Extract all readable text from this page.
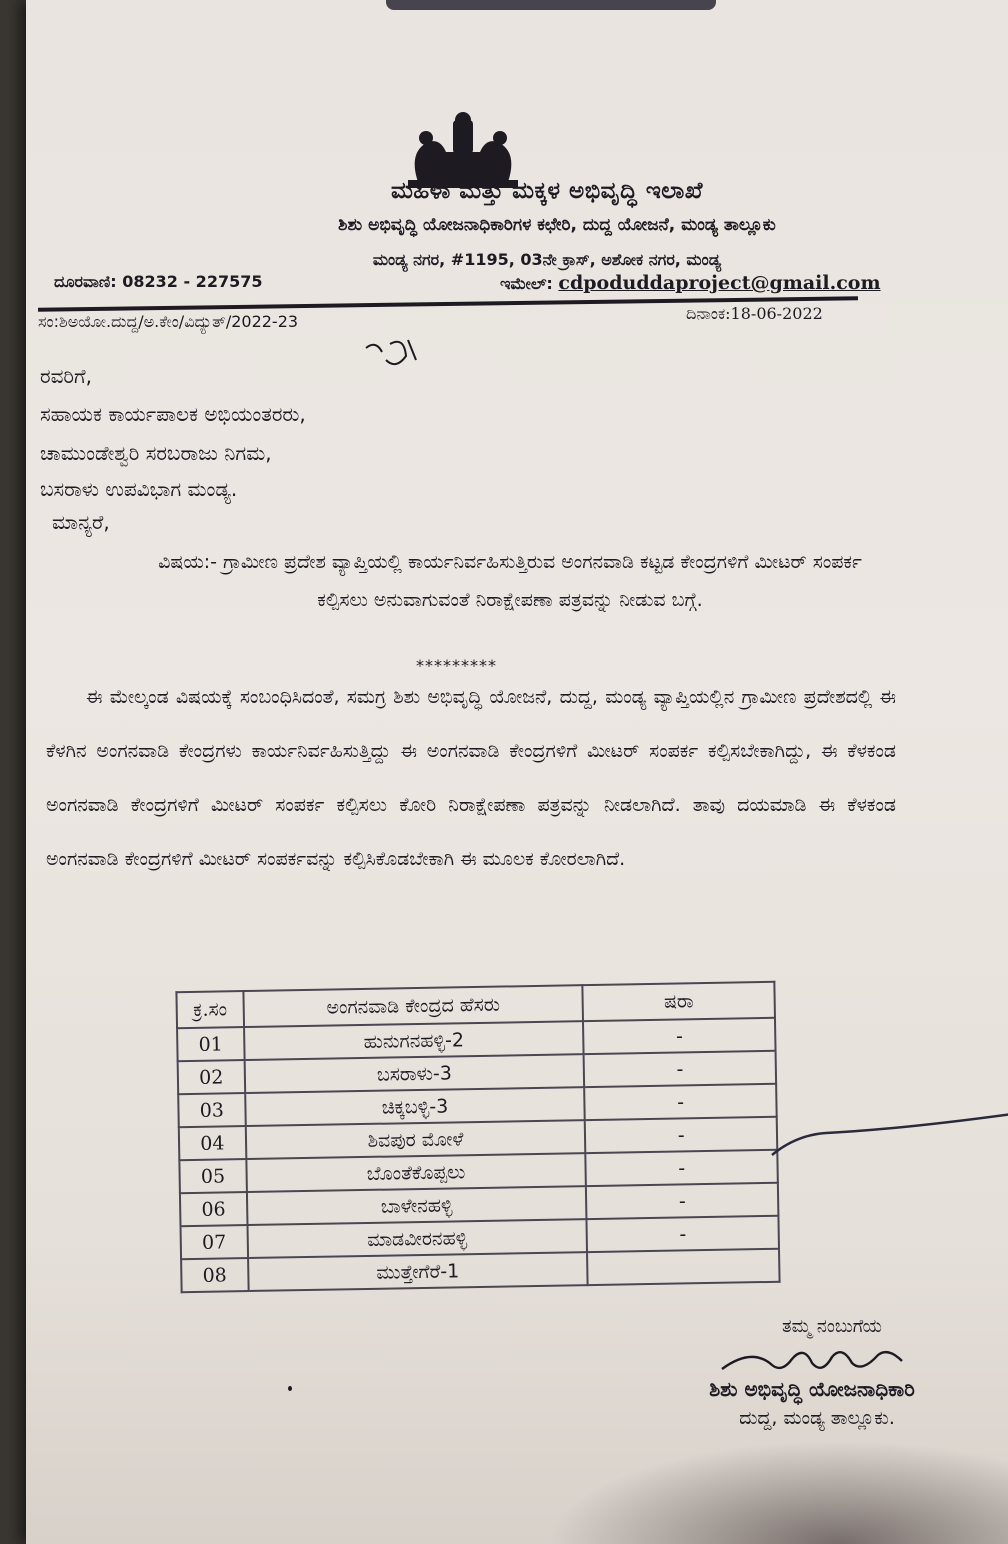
ಮಹಿಳಾ ಮತ್ತು ಮಕ್ಕಳ ಅಭಿವೃದ್ಧಿ ಇಲಾಖೆ
ಶಿಶು ಅಭಿವೃದ್ಧಿ ಯೋಜನಾಧಿಕಾರಿಗಳ ಕಛೇರಿ, ದುದ್ದ ಯೋಜನೆ, ಮಂಡ್ಯ ತಾಲ್ಲೂಕು
ಮಂಡ್ಯ ನಗರ, #1195, 03ನೇ ಕ್ರಾಸ್, ಅಶೋಕ ನಗರ, ಮಂಡ್ಯ
ದೂರವಾಣಿ: 08232 - 227575	ಇಮೇಲ್: cdpoduddaproject@gmail.com
ಸಂ:ಶಿಅಯೋ.ದುದ್ದ/ಅ.ಕೇಂ/ವಿದ್ಯುತ್/2022-23	ದಿನಾಂಕ:18-06-2022
ರವರಿಗೆ,
ಸಹಾಯಕ ಕಾರ್ಯಪಾಲಕ ಅಭಿಯಂತರರು,
ಚಾಮುಂಡೇಶ್ವರಿ ಸರಬರಾಜು ನಿಗಮ,
ಬಸರಾಳು ಉಪವಿಭಾಗ ಮಂಡ್ಯ.
ಮಾನ್ಯರೆ,
ವಿಷಯ:- ಗ್ರಾಮೀಣ ಪ್ರದೇಶ ವ್ಯಾಪ್ತಿಯಲ್ಲಿ ಕಾರ್ಯನಿರ್ವಹಿಸುತ್ತಿರುವ ಅಂಗನವಾಡಿ ಕಟ್ಟಡ ಕೇಂದ್ರಗಳಿಗೆ ಮೀಟರ್ ಸಂಪರ್ಕ ಕಲ್ಪಿಸಲು ಅನುವಾಗುವಂತೆ ನಿರಾಕ್ಷೇಪಣಾ ಪತ್ರವನ್ನು ನೀಡುವ ಬಗ್ಗೆ.
*********
ಈ ಮೇಲ್ಕಂಡ ವಿಷಯಕ್ಕೆ ಸಂಬಂಧಿಸಿದಂತೆ, ಸಮಗ್ರ ಶಿಶು ಅಭಿವೃದ್ಧಿ ಯೋಜನೆ, ದುದ್ದ, ಮಂಡ್ಯ ವ್ಯಾಪ್ತಿಯಲ್ಲಿನ ಗ್ರಾಮೀಣ ಪ್ರದೇಶದಲ್ಲಿ ಈ ಕೆಳಗಿನ ಅಂಗನವಾಡಿ ಕೇಂದ್ರಗಳು ಕಾರ್ಯನಿರ್ವಹಿಸುತ್ತಿದ್ದು ಈ ಅಂಗನವಾಡಿ ಕೇಂದ್ರಗಳಿಗೆ ಮೀಟರ್ ಸಂಪರ್ಕ ಕಲ್ಪಿಸಬೇಕಾಗಿದ್ದು, ಈ ಕೆಳಕಂಡ ಅಂಗನವಾಡಿ ಕೇಂದ್ರಗಳಿಗೆ ಮೀಟರ್ ಸಂಪರ್ಕ ಕಲ್ಪಿಸಲು ಕೋರಿ ನಿರಾಕ್ಷೇಪಣಾ ಪತ್ರವನ್ನು ನೀಡಲಾಗಿದೆ. ತಾವು ದಯಮಾಡಿ ಈ ಕೆಳಕಂಡ ಅಂಗನವಾಡಿ ಕೇಂದ್ರಗಳಿಗೆ ಮೀಟರ್ ಸಂಪರ್ಕವನ್ನು ಕಲ್ಪಿಸಿಕೊಡಬೇಕಾಗಿ ಈ ಮೂಲಕ ಕೋರಲಾಗಿದೆ.
ಕ್ರ.ಸಂ	ಅಂಗನವಾಡಿ ಕೇಂದ್ರದ ಹೆಸರು	ಷರಾ
01	ಹುನುಗನಹಳ್ಳಿ-2	-
02	ಬಸರಾಳು-3	-
03	ಚಿಕ್ಕಬಳ್ಳಿ-3	-
04	ಶಿವಪುರ ಮೋಳೆ	-
05	ಬೊಂತೆಕೊಪ್ಪಲು	-
06	ಬಾಳೇನಹಳ್ಳಿ	-
07	ಮಾಡವೀರನಹಳ್ಳಿ	-
08	ಮುತ್ತೇಗೆರೆ-1	
ತಮ್ಮ ನಂಬುಗೆಯ
ಶಿಶು ಅಭಿವೃದ್ಧಿ ಯೋಜನಾಧಿಕಾರಿ
ದುದ್ದ, ಮಂಡ್ಯ ತಾಲ್ಲೂಕು.
